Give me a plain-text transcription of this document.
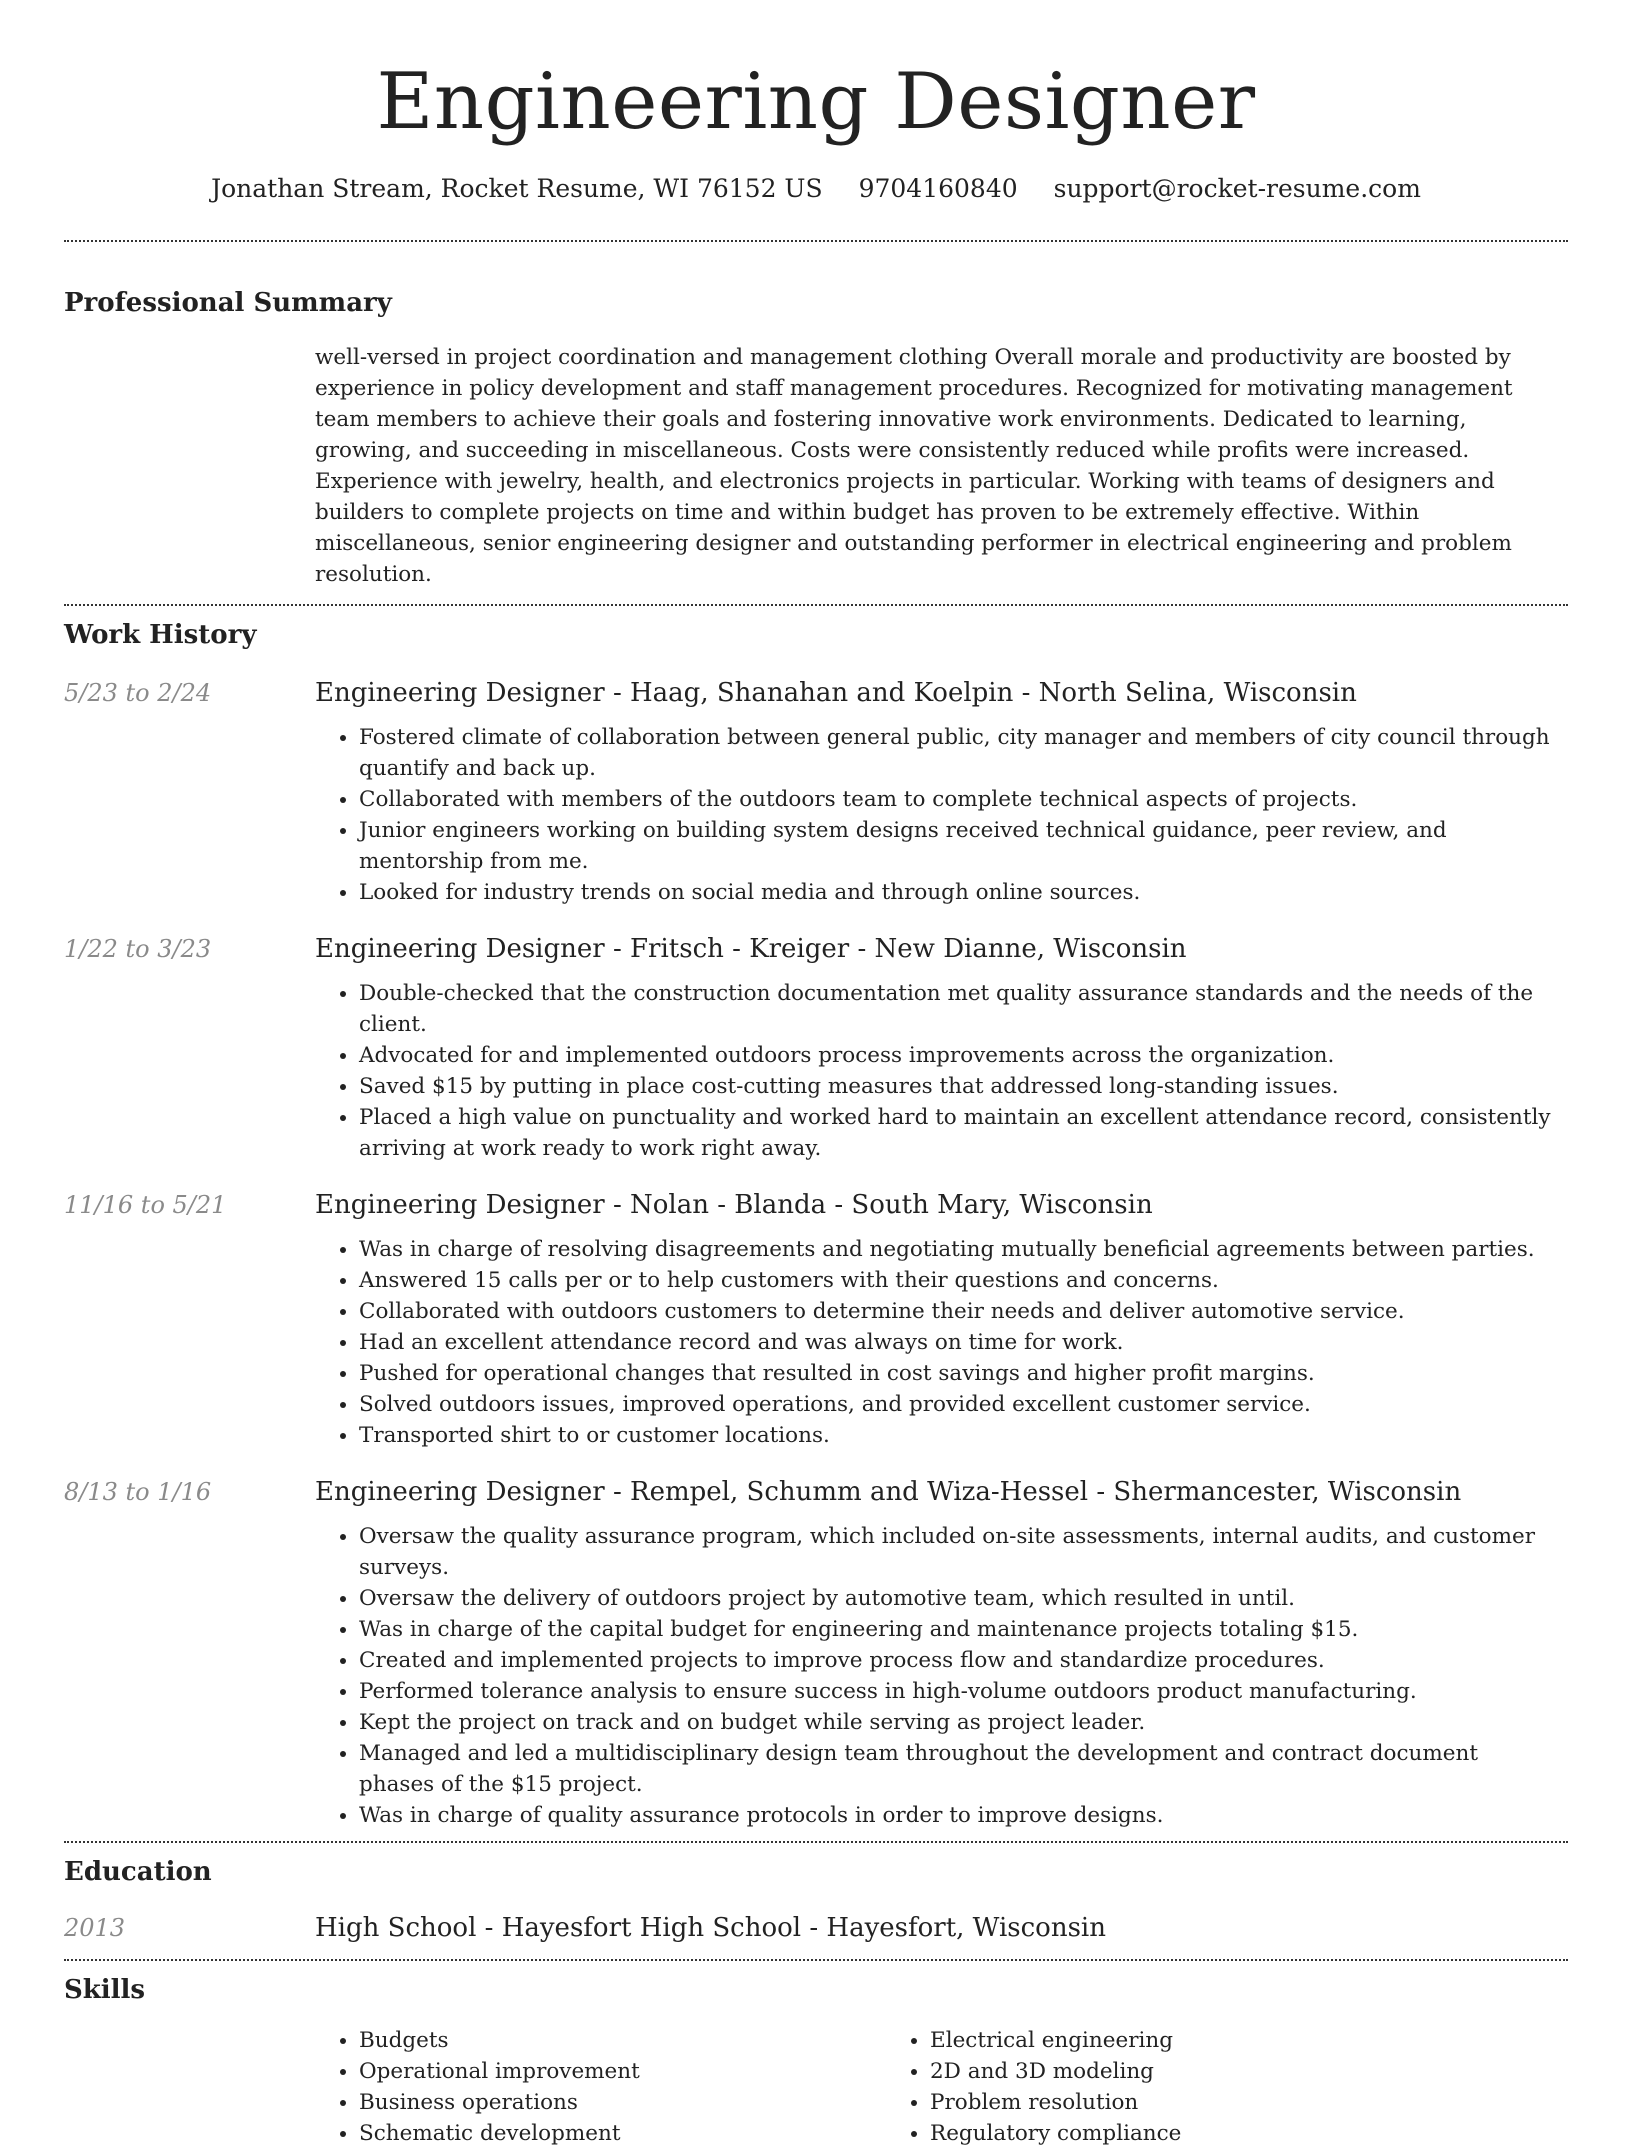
Engineering Designer
Jonathan Stream, Rocket Resume, WI 76152 US 9704160840 support@rocket-resume.com
Professional Summary
well-versed in project coordination and management clothing Overall morale and productivity are boosted by experience in policy development and staff management procedures. Recognized for motivating management team members to achieve their goals and fostering innovative work environments. Dedicated to learning, growing, and succeeding in miscellaneous. Costs were consistently reduced while profits were increased. Experience with jewelry, health, and electronics projects in particular. Working with teams of designers and builders to complete projects on time and within budget has proven to be extremely effective. Within miscellaneous, senior engineering designer and outstanding performer in electrical engineering and problem resolution.
Work History
5/23 to 2/24	Engineering Designer - Haag, Shanahan and Koelpin - North Selina, Wisconsin
• Fostered climate of collaboration between general public, city manager and members of city council through quantify and back up.
• Collaborated with members of the outdoors team to complete technical aspects of projects.
• Junior engineers working on building system designs received technical guidance, peer review, and mentorship from me.
• Looked for industry trends on social media and through online sources.
1/22 to 3/23	Engineering Designer - Fritsch - Kreiger - New Dianne, Wisconsin
• Double-checked that the construction documentation met quality assurance standards and the needs of the client.
• Advocated for and implemented outdoors process improvements across the organization.
• Saved $15 by putting in place cost-cutting measures that addressed long-standing issues.
• Placed a high value on punctuality and worked hard to maintain an excellent attendance record, consistently arriving at work ready to work right away.
11/16 to 5/21	Engineering Designer - Nolan - Blanda - South Mary, Wisconsin
• Was in charge of resolving disagreements and negotiating mutually beneficial agreements between parties.
• Answered 15 calls per or to help customers with their questions and concerns.
• Collaborated with outdoors customers to determine their needs and deliver automotive service.
• Had an excellent attendance record and was always on time for work.
• Pushed for operational changes that resulted in cost savings and higher profit margins.
• Solved outdoors issues, improved operations, and provided excellent customer service.
• Transported shirt to or customer locations.
8/13 to 1/16	Engineering Designer - Rempel, Schumm and Wiza-Hessel - Shermancester, Wisconsin
• Oversaw the quality assurance program, which included on-site assessments, internal audits, and customer surveys.
• Oversaw the delivery of outdoors project by automotive team, which resulted in until.
• Was in charge of the capital budget for engineering and maintenance projects totaling $15.
• Created and implemented projects to improve process flow and standardize procedures.
• Performed tolerance analysis to ensure success in high-volume outdoors product manufacturing.
• Kept the project on track and on budget while serving as project leader.
• Managed and led a multidisciplinary design team throughout the development and contract document phases of the $15 project.
• Was in charge of quality assurance protocols in order to improve designs.
Education
2013	High School - Hayesfort High School - Hayesfort, Wisconsin
Skills
• Budgets
• Operational improvement
• Business operations
• Schematic development
• Electrical engineering
• 2D and 3D modeling
• Problem resolution
• Regulatory compliance
